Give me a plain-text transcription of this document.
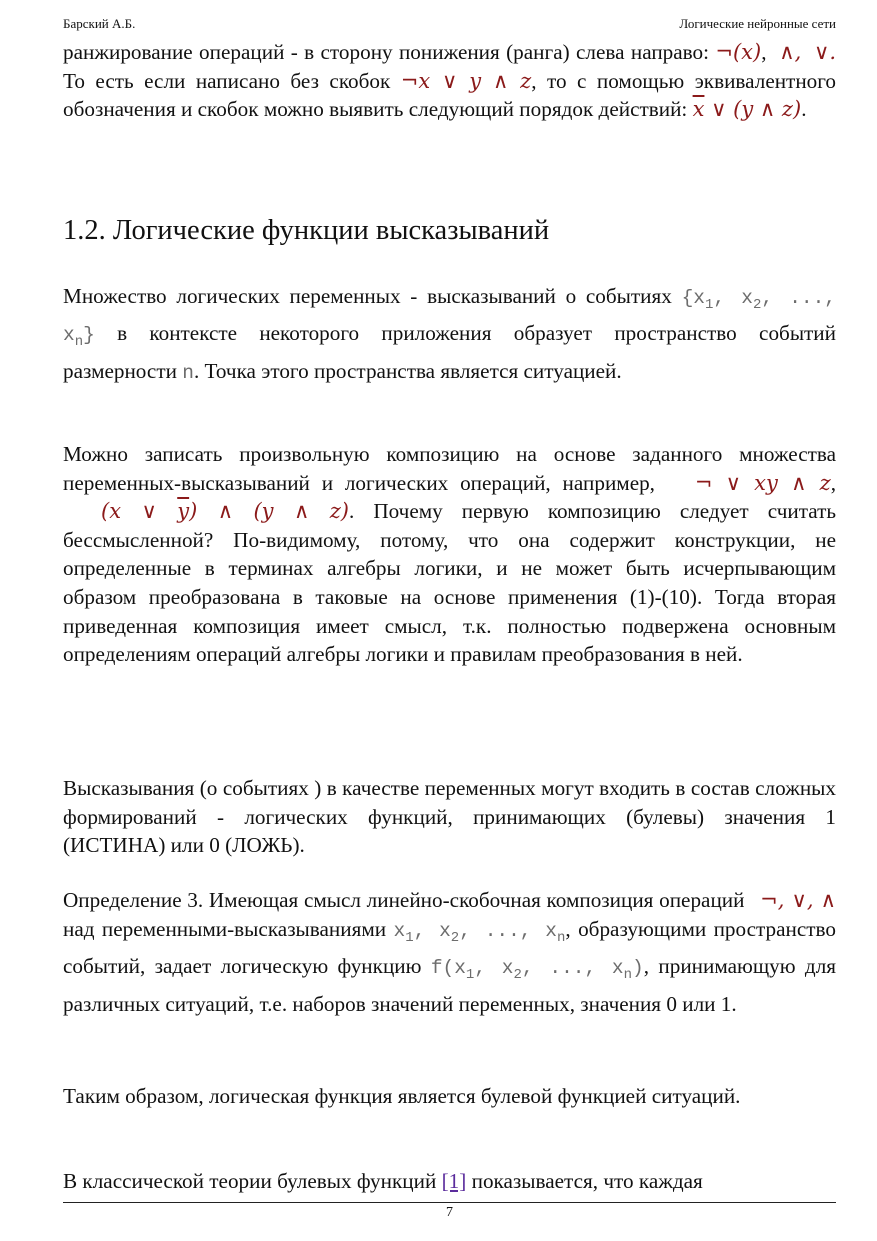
Барский А.Б.	Логические нейронные сети

ранжирование операций - в сторону понижения (ранга) слева направо: ¬(x), ∧, ∨. То есть если написано без скобок ¬x ∨ y ∧ z, то с помощью эквивалентного обозначения и скобок можно выявить следующий порядок действий: $\overline{x}$ ∨ (y ∧ z).

1.2. Логические функции высказываний

Множество логических переменных - высказываний о событиях {$x_1$, $x_2$, ..., $x_n$} в контексте некоторого приложения образует пространство событий размерности n. Точка этого пространства является ситуацией.

Можно записать произвольную композицию на основе заданного множества переменных-высказываний и логических операций, например, ¬ ∨ xy ∧ z, (x ∨ $\overline{y}$) ∧ (y ∧ z). Почему первую композицию следует считать бессмысленной? По-видимому, потому, что она содержит конструкции, не определенные в терминах алгебры логики, и не может быть исчерпывающим образом преобразована в таковые на основе применения (1)-(10). Тогда вторая приведенная композиция имеет смысл, т.к. полностью подвержена основным определениям операций алгебры логики и правилам преобразования в ней.

Высказывания (о событиях ) в качестве переменных могут входить в состав сложных формирований - логических функций, принимающих (булевы) значения 1 (ИСТИНА) или 0 (ЛОЖЬ).

Определение 3. Имеющая смысл линейно-скобочная композиция операций ¬, ∨, ∧ над переменными-высказываниями $x_1$, $x_2$, ..., $x_n$, образующими пространство событий, задает логическую функцию $f(x_1$, $x_2$, ..., $x_n$), принимающую для различных ситуаций, т.е. наборов значений переменных, значения 0 или 1.

Таким образом, логическая функция является булевой функцией ситуаций.

В классической теории булевых функций [1] показывается, что каждая

7
